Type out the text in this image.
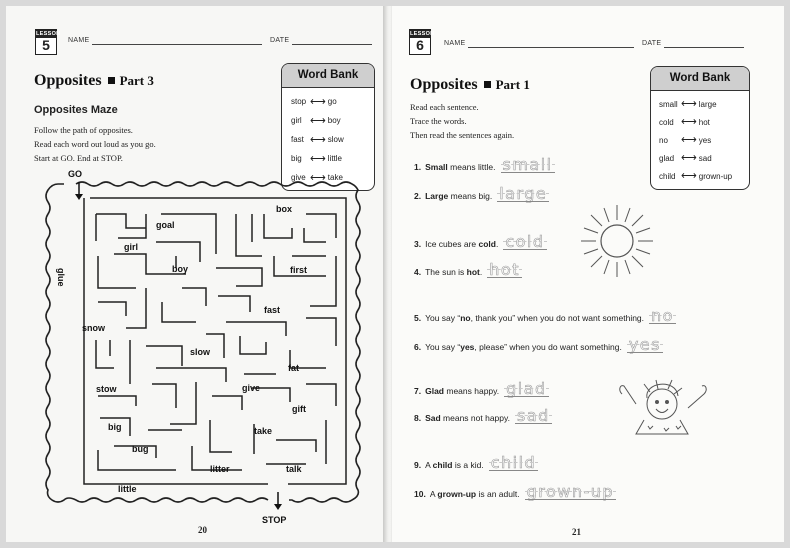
LESSON
5	NAME	DATE
Opposites Part 3
Opposites Maze
Follow the path of opposites.
Read each word out loud as you go.
Start at GO. End at STOP.
Word Bank
stop ⟷ go
girl ⟷ boy
fast ⟷ slow
big ⟷ little
give ⟷ take
GO
STOP
goal
box
girl
glue	boy	first
fast
snow
slow
fat
stow	give
gift
big	take
bug
litter	talk
little
20
LESSON
6	NAME	DATE
Opposites Part 1
Read each sentence.
Trace the words.
Then read the sentences again.
Word Bank
small ⟷ large
cold ⟷ hot
no	⟷ yes
glad ⟷ sad
child ⟷ grown-up
1. Small means little. small
2. Large means big. large
3. Ice cubes are cold. cold
4. The sun is hot. hot
5. You say “no, thank you” when you do not want something. no
6. You say “yes, please” when you do want something. yes
7. Glad means happy. glad
8. Sad means not happy. sad
9. A child is a kid. child
10. A grown-up is an adult. grown-up
21
